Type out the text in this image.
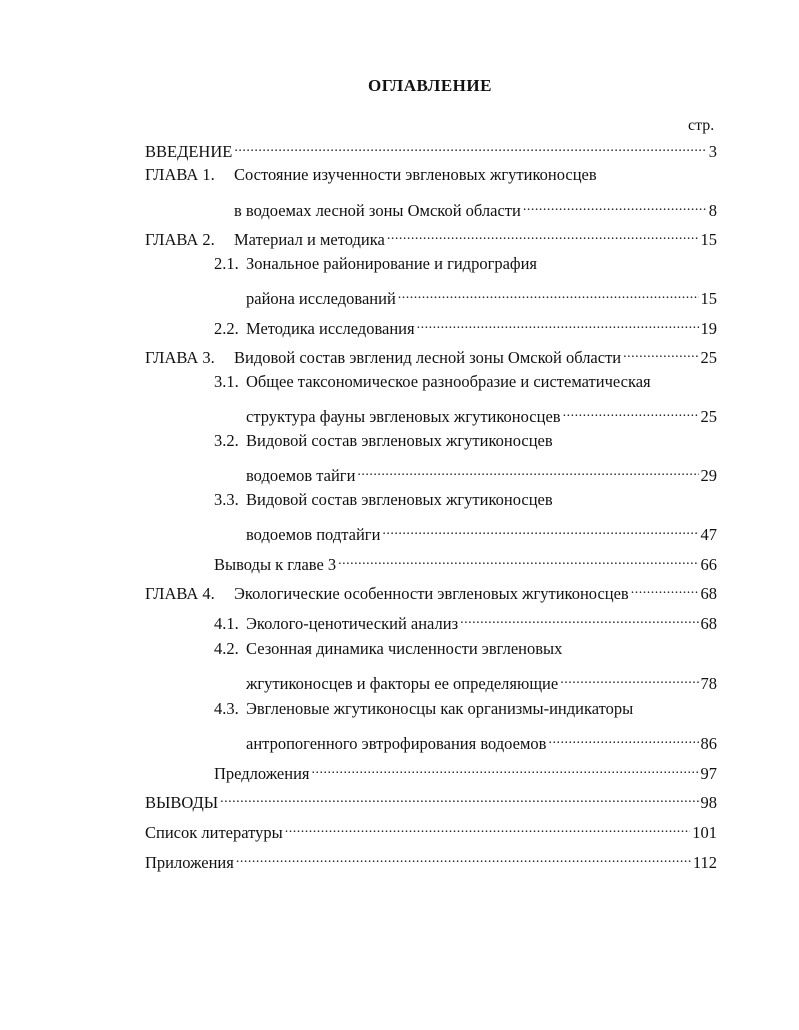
ОГЛАВЛЕНИЕ
стр.
ВВЕДЕНИЕ .....	3
ГЛАВА 1.	Состояние изученности эвгленовых жгутиконосцев
в водоемах лесной зоны Омской области .....	8
ГЛАВА 2.	Материал и методика .....	15
2.1. Зональное районирование и гидрография
района исследований .....	15
2.2. Методика исследования .....	19
ГЛАВА 3.	Видовой состав эвгленид лесной зоны Омской области .....	25
3.1. Общее таксономическое разнообразие и систематическая
структура фауны эвгленовых жгутиконосцев .....	25
3.2. Видовой состав эвгленовых жгутиконосцев
водоемов тайги .....	29
3.3. Видовой состав эвгленовых жгутиконосцев
водоемов подтайги .....	47
Выводы к главе 3 .....	66
ГЛАВА 4.	Экологические особенности эвгленовых жгутиконосцев .....	68
4.1. Эколого-ценотический анализ .....	68
4.2. Сезонная динамика численности эвгленовых
жгутиконосцев и факторы ее определяющие .....	78
4.3. Эвгленовые жгутиконосцы как организмы-индикаторы
антропогенного эвтрофирования водоемов .....	86
Предложения .....	97
ВЫВОДЫ .....	98
Список литературы .....	101
Приложения .....	112
